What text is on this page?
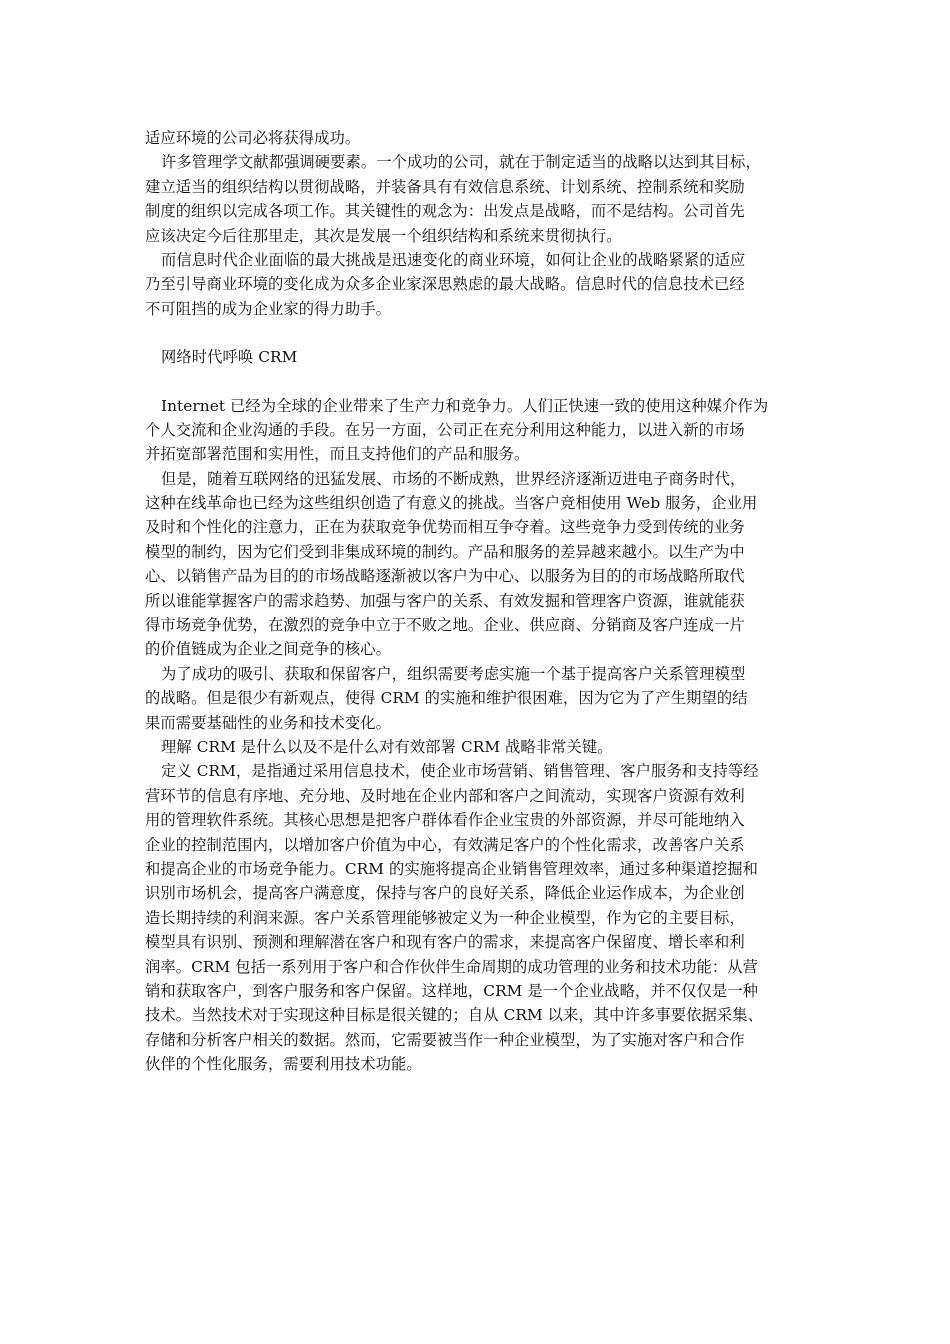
适应环境的公司必将获得成功。
许多管理学文献都强调硬要素。一个成功的公司，就在于制定适当的战略以达到其目标，
建立适当的组织结构以贯彻战略，并装备具有有效信息系统、计划系统、控制系统和奖励
制度的组织以完成各项工作。其关键性的观念为：出发点是战略，而不是结构。公司首先
应该决定今后往那里走，其次是发展一个组织结构和系统来贯彻执行。
而信息时代企业面临的最大挑战是迅速变化的商业环境，如何让企业的战略紧紧的适应
乃至引导商业环境的变化成为众多企业家深思熟虑的最大战略。信息时代的信息技术已经
不可阻挡的成为企业家的得力助手。
网络时代呼唤 CRM
Internet 已经为全球的企业带来了生产力和竞争力。人们正快速一致的使用这种媒介作为
个人交流和企业沟通的手段。在另一方面，公司正在充分利用这种能力，以进入新的市场
并拓宽部署范围和实用性，而且支持他们的产品和服务。
但是，随着互联网络的迅猛发展、市场的不断成熟，世界经济逐渐迈进电子商务时代，
这种在线革命也已经为这些组织创造了有意义的挑战。当客户竞相使用 Web 服务，企业用
及时和个性化的注意力，正在为获取竞争优势而相互争夺着。这些竞争力受到传统的业务
模型的制约，因为它们受到非集成环境的制约。产品和服务的差异越来越小。以生产为中
心、以销售产品为目的的市场战略逐渐被以客户为中心、以服务为目的的市场战略所取代
所以谁能掌握客户的需求趋势、加强与客户的关系、有效发掘和管理客户资源，谁就能获
得市场竞争优势，在激烈的竞争中立于不败之地。企业、供应商、分销商及客户连成一片
的价值链成为企业之间竞争的核心。
为了成功的吸引、获取和保留客户，组织需要考虑实施一个基于提高客户关系管理模型
的战略。但是很少有新观点，使得 CRM 的实施和维护很困难，因为它为了产生期望的结
果而需要基础性的业务和技术变化。
理解 CRM 是什么以及不是什么对有效部署 CRM 战略非常关键。
定义 CRM，是指通过采用信息技术，使企业市场营销、销售管理、客户服务和支持等经
营环节的信息有序地、充分地、及时地在企业内部和客户之间流动，实现客户资源有效利
用的管理软件系统。其核心思想是把客户群体看作企业宝贵的外部资源，并尽可能地纳入
企业的控制范围内，以增加客户价值为中心，有效满足客户的个性化需求，改善客户关系
和提高企业的市场竞争能力。CRM 的实施将提高企业销售管理效率，通过多种渠道挖掘和
识别市场机会，提高客户满意度，保持与客户的良好关系，降低企业运作成本，为企业创
造长期持续的利润来源。客户关系管理能够被定义为一种企业模型，作为它的主要目标，
模型具有识别、预测和理解潜在客户和现有客户的需求，来提高客户保留度、增长率和利
润率。CRM 包括一系列用于客户和合作伙伴生命周期的成功管理的业务和技术功能：从营
销和获取客户，到客户服务和客户保留。这样地，CRM 是一个企业战略，并不仅仅是一种
技术。当然技术对于实现这种目标是很关键的；自从 CRM 以来，其中许多事要依据采集、
存储和分析客户相关的数据。然而，它需要被当作一种企业模型，为了实施对客户和合作
伙伴的个性化服务，需要利用技术功能。
